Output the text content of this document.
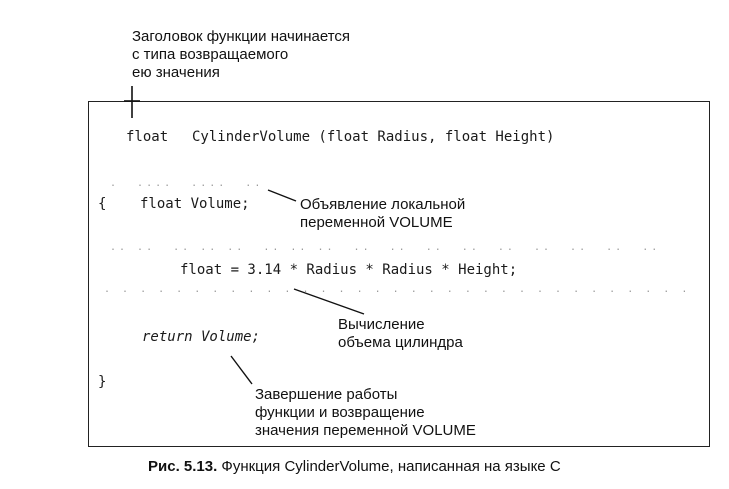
Заголовок функции начинается
с типа возвращаемого
ею значения
float CylinderVolume (float Radius, float Height)
{ float Volume;
float = 3.14 * Radius * Radius * Height;
return Volume;
}
.  ....  ....  ..
.. ..  .. .. ..  .. .. ..  ..  ..  ..  ..  ..  ..  ..  ..  ..
. . . . . . . . . . . . . . . . . . . . . . . . . . . . . . . . .
Объявление локальной
переменной VOLUME
Вычисление
объема цилиндра
Завершение работы
функции и возвращение
значения переменной VOLUME
Рис. 5.13. Функция CylinderVolume, написанная на языке С
